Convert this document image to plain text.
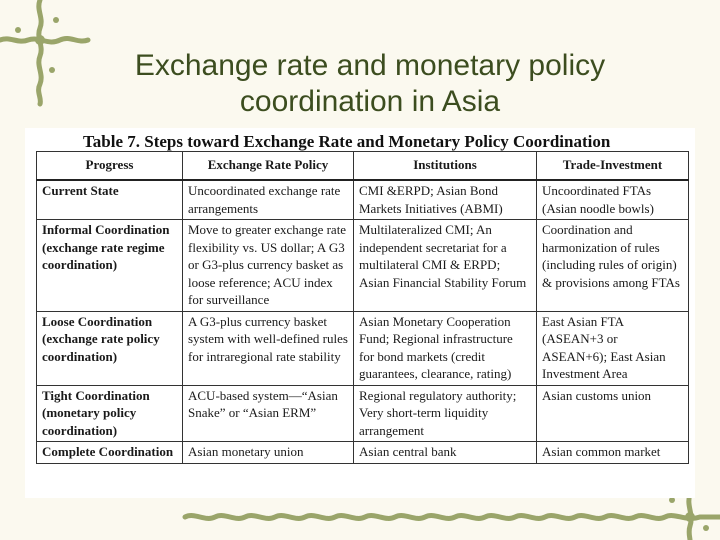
Exchange rate and monetary policy coordination in Asia
Table 7. Steps toward Exchange Rate and Monetary Policy Coordination
Progress	Exchange Rate Policy	Institutions	Trade-Investment
Current State	Uncoordinated exchange rate arrangements	CMI &ERPD; Asian Bond Markets Initiatives (ABMI)	Uncoordinated FTAs (Asian noodle bowls)
Informal Coordination (exchange rate regime coordination)	Move to greater exchange rate flexibility vs. US dollar; A G3 or G3-plus currency basket as loose reference; ACU index for surveillance	Multilateralized CMI; An independent secretariat for a multilateral CMI & ERPD; Asian Financial Stability Forum	Coordination and harmonization of rules (including rules of origin) & provisions among FTAs
Loose Coordination (exchange rate policy coordination)	A G3-plus currency basket system with well-defined rules for intraregional rate stability	Asian Monetary Cooperation Fund; Regional infrastructure for bond markets (credit guarantees, clearance, rating)	East Asian FTA (ASEAN+3 or ASEAN+6); East Asian Investment Area
Tight Coordination (monetary policy coordination)	ACU-based system—“Asian Snake” or “Asian ERM”	Regional regulatory authority; Very short-term liquidity arrangement	Asian customs union
Complete Coordination	Asian monetary union	Asian central bank	Asian common market
